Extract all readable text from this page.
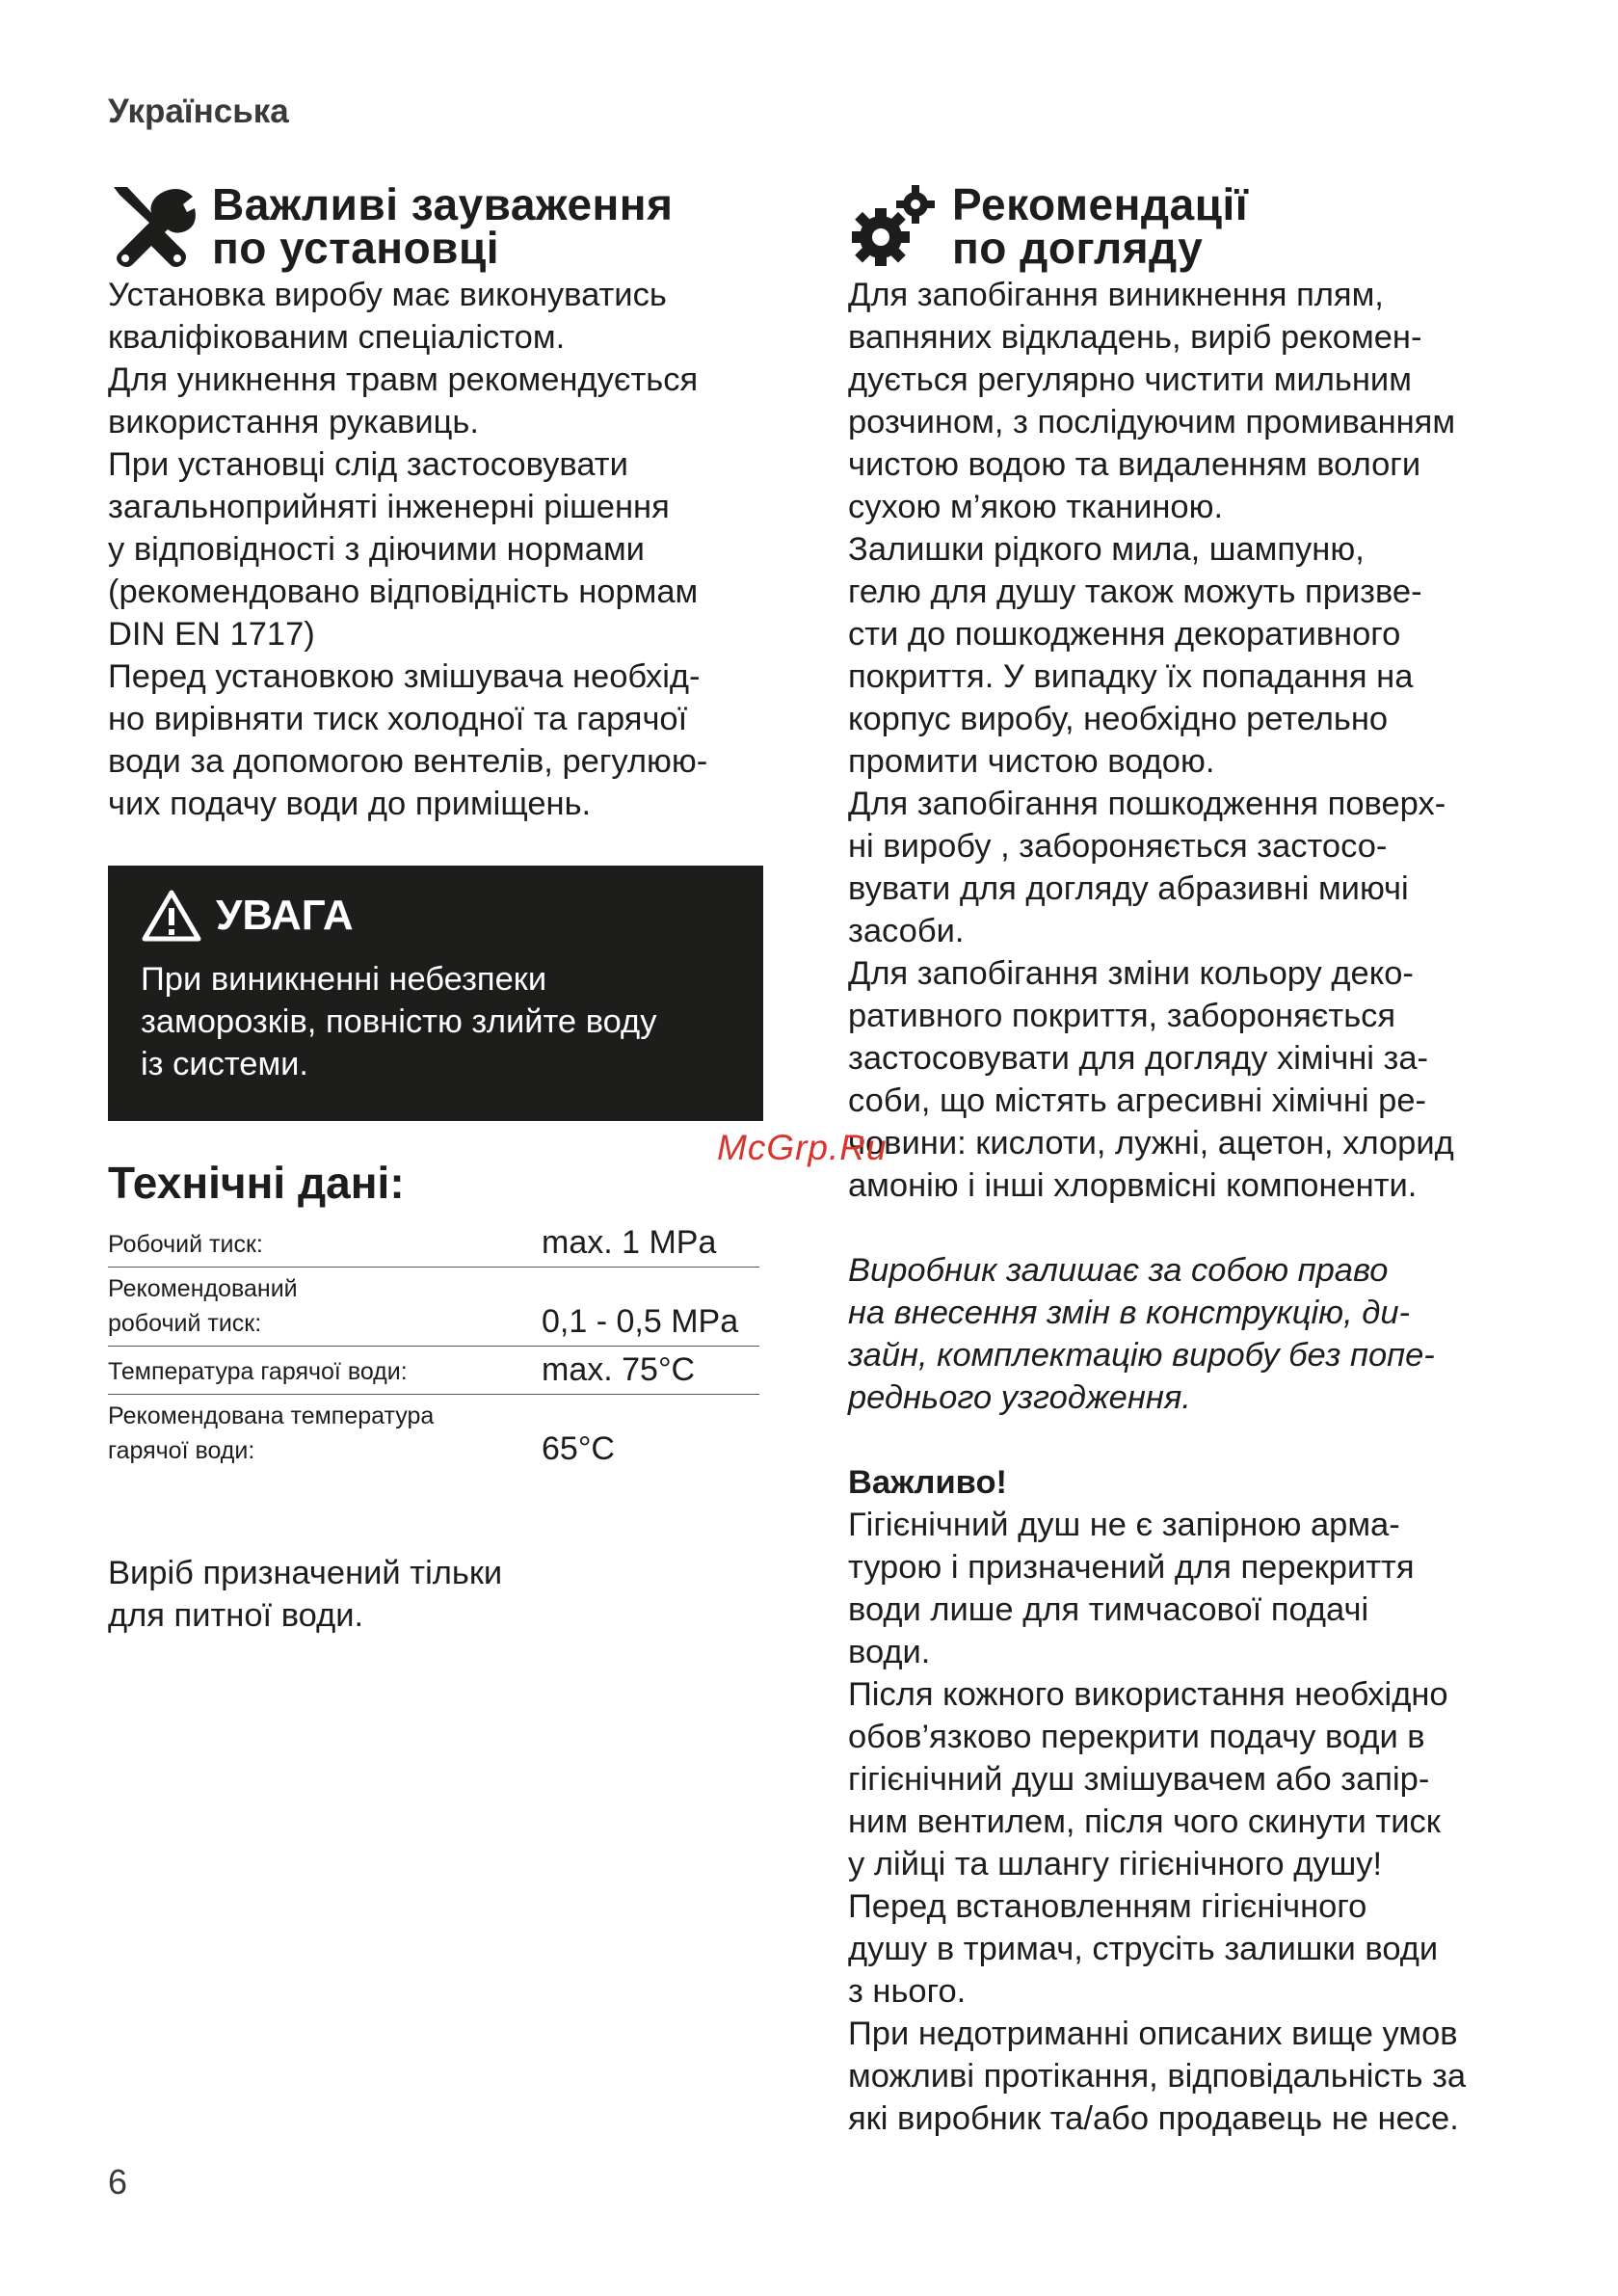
Українська
Важливі зауваження
по установці

Установка виробу має виконуватись
кваліфікованим спеціалістом.
Для уникнення травм рекомендується
використання рукавиць.
При установці слід застосовувати
загальноприйняті інженерні рішення
у відповідності з діючими нормами
(рекомендовано відповідність нормам
DIN EN 1717)
Перед установкою змішувача необхід-
но вирівняти тиск холодної та гарячої
води за допомогою вентелів, регулюю-
чих подачу води до приміщень.

УВАГА
При виникненні небезпеки
заморозків, повністю злийте воду
із системи.
Технічні дані:
Робочий тиск:	max. 1 MPa
Рекомендований
робочий тиск:	0,1 - 0,5 MPa
Температура гарячої води:	max. 75°C
Рекомендована температура
гарячої води:	65°C
Виріб призначений тільки
для питної води.
Рекомендації
по догляду

Для запобігання виникнення плям,
вапняних відкладень, виріб рекомен-
дується регулярно чистити мильним
розчином, з послідуючим промиванням
чистою водою та видаленням вологи
сухою м’якою тканиною.
Залишки рідкого мила, шампуню,
гелю для душу також можуть призве-
сти до пошкодження декоративного
покриття. У випадку їх попадання на
корпус виробу, необхідно ретельно
промити чистою водою.
Для запобігання пошкодження поверх-
ні виробу , забороняється застосо-
вувати для догляду абразивні миючі
засоби.
Для запобігання зміни кольору деко-
ративного покриття, забороняється
застосовувати для догляду хімічні за-
соби, що містять агресивні хімічні ре-
човини: кислоти, лужні, ацетон, хлорид
амонію і інші хлорвмісні компоненти.

Виробник залишає за собою право
на внесення змін в конструкцію, ди-
зайн, комплектацію виробу без попе-
реднього узгодження.

Важливо!

Гігієнічний душ не є запірною арма-
турою і призначений для перекриття
води лише для тимчасової подачі
води.
Після кожного використання необхідно
обов’язково перекрити подачу води в
гігієнічний душ змішувачем або запір-
ним вентилем, після чого скинути тиск
у лійці та шлангу гігієнічного душу!
Перед встановленням гігієнічного
душу в тримач, струсіть залишки води
з нього.
При недотриманні описаних вище умов
можливі протікання, відповідальність за
які виробник та/або продавець не несе.

McGrp.Ru
6
